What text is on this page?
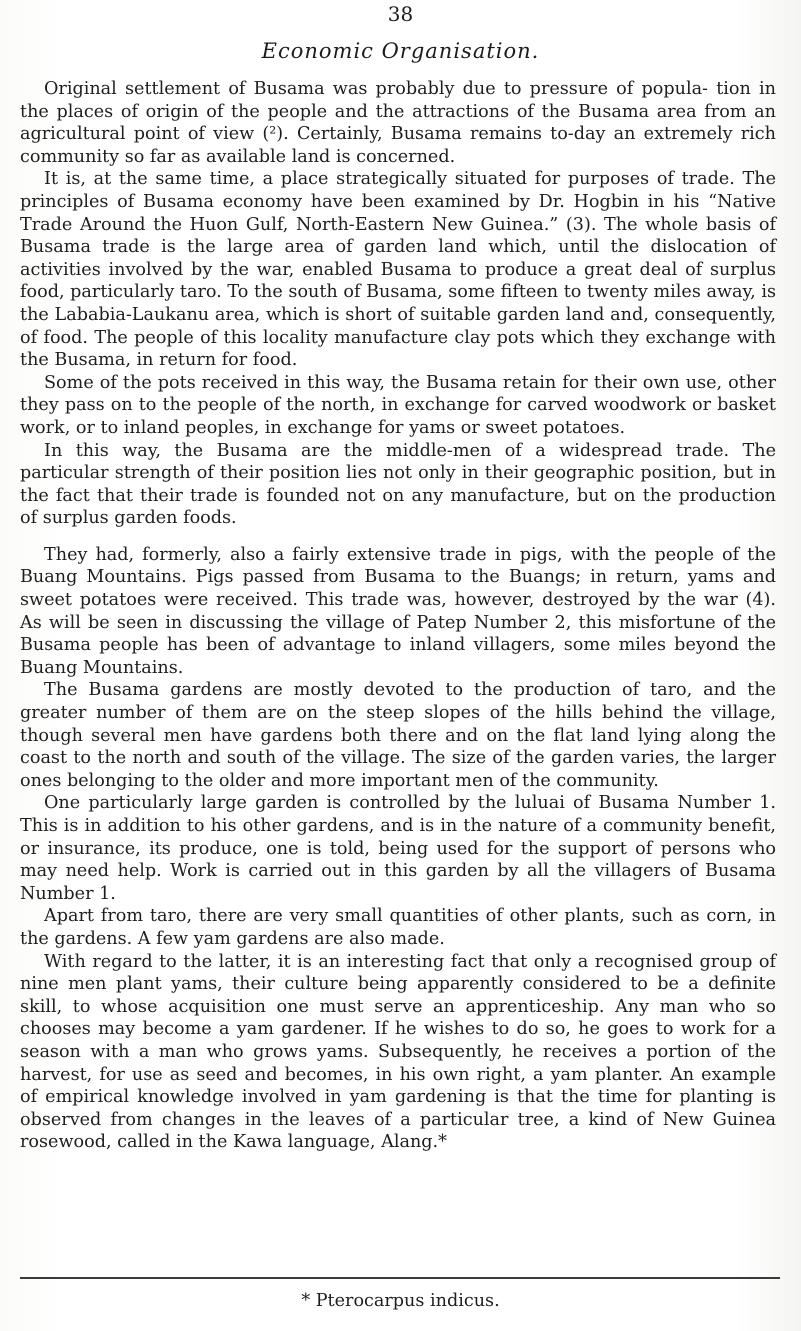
38
Economic Organisation.

Original settlement of Busama was probably due to pressure of popula- tion in the places of origin of the people and the attractions of the Busama area from an agricultural point of view (²). Certainly, Busama remains to-day an extremely rich community so far as available land is concerned.

It is, at the same time, a place strategically situated for purposes of trade. The principles of Busama economy have been examined by Dr. Hogbin in his “Native Trade Around the Huon Gulf, North-Eastern New Guinea.” (3). The whole basis of Busama trade is the large area of garden land which, until the dislocation of activities involved by the war, enabled Busama to produce a great deal of surplus food, particularly taro. To the south of Busama, some fifteen to twenty miles away, is the Lababia-Laukanu area, which is short of suitable garden land and, consequently, of food. The people of this locality manufacture clay pots which they exchange with the Busama, in return for food.

Some of the pots received in this way, the Busama retain for their own use, other they pass on to the people of the north, in exchange for carved woodwork or basket work, or to inland peoples, in exchange for yams or sweet potatoes.

In this way, the Busama are the middle-men of a widespread trade. The particular strength of their position lies not only in their geographic position, but in the fact that their trade is founded not on any manufacture, but on the production of surplus garden foods.

They had, formerly, also a fairly extensive trade in pigs, with the people of the Buang Mountains. Pigs passed from Busama to the Buangs; in return, yams and sweet potatoes were received. This trade was, however, destroyed by the war (4). As will be seen in discussing the village of Patep Number 2, this misfortune of the Busama people has been of advantage to inland villagers, some miles beyond the Buang Mountains.

The Busama gardens are mostly devoted to the production of taro, and the greater number of them are on the steep slopes of the hills behind the village, though several men have gardens both there and on the flat land lying along the coast to the north and south of the village. The size of the garden varies, the larger ones belonging to the older and more important men of the community.

One particularly large garden is controlled by the luluai of Busama Number 1. This is in addition to his other gardens, and is in the nature of a community benefit, or insurance, its produce, one is told, being used for the support of persons who may need help. Work is carried out in this garden by all the villagers of Busama Number 1.

Apart from taro, there are very small quantities of other plants, such as corn, in the gardens. A few yam gardens are also made.

With regard to the latter, it is an interesting fact that only a recognised group of nine men plant yams, their culture being apparently considered to be a definite skill, to whose acquisition one must serve an apprenticeship. Any man who so chooses may become a yam gardener. If he wishes to do so, he goes to work for a season with a man who grows yams. Subsequently, he receives a portion of the harvest, for use as seed and becomes, in his own right, a yam planter. An example of empirical knowledge involved in yam gardening is that the time for planting is observed from changes in the leaves of a particular tree, a kind of New Guinea rosewood, called in the Kawa language, Alang.*

* Pterocarpus indicus.
